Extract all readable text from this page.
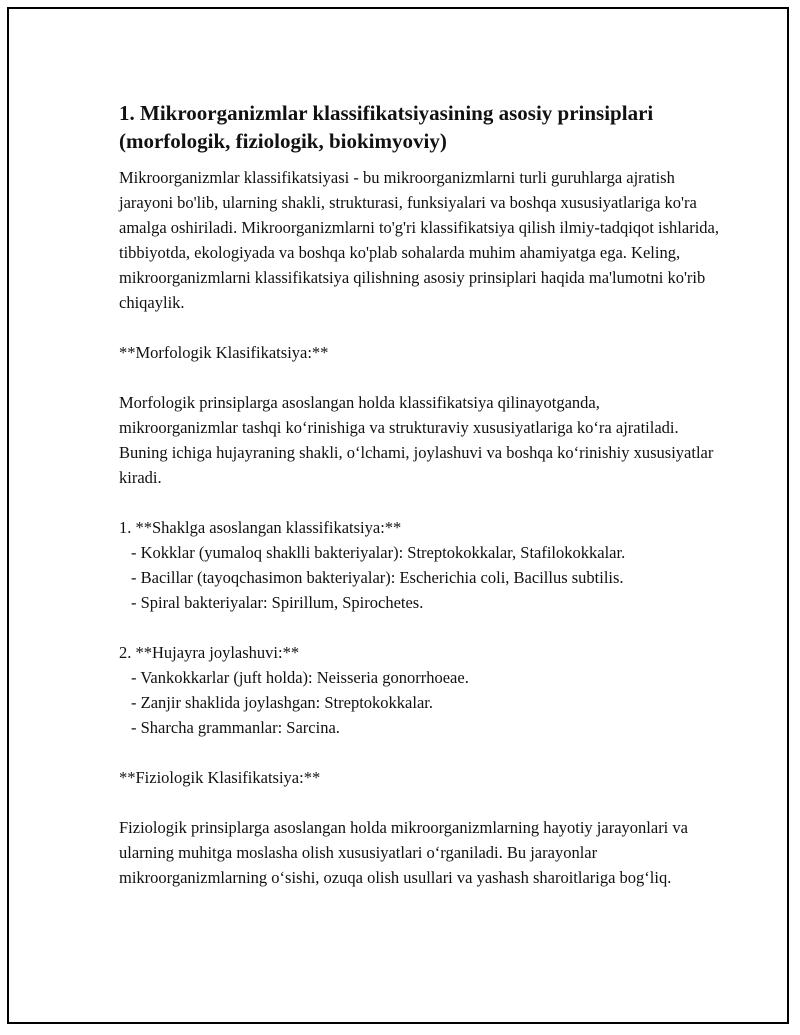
1. Mikroorganizmlar klassifikatsiyasining asosiy prinsiplari (morfologik, fiziologik, biokimyoviy)

Mikroorganizmlar klassifikatsiyasi - bu mikroorganizmlarni turli guruhlarga ajratish jarayoni bo'lib, ularning shakli, strukturasi, funksiyalari va boshqa xususiyatlariga ko'ra amalga oshiriladi. Mikroorganizmlarni to'g'ri klassifikatsiya qilish ilmiy-tadqiqot ishlarida, tibbiyotda, ekologiyada va boshqa ko'plab sohalarda muhim ahamiyatga ega. Keling, mikroorganizmlarni klassifikatsiya qilishning asosiy prinsiplari haqida ma'lumotni ko'rib chiqaylik.

**Morfologik Klasifikatsiya:**

Morfologik prinsiplarga asoslangan holda klassifikatsiya qilinayotganda, mikroorganizmlar tashqi ko‘rinishiga va strukturaviy xususiyatlariga ko‘ra ajratiladi. Buning ichiga hujayraning shakli, o‘lchami, joylashuvi va boshqa ko‘rinishiy xususiyatlar kiradi.

1. **Shaklga asoslangan klassifikatsiya:**
- Kokklar (yumaloq shaklli bakteriyalar): Streptokokkalar, Stafilokokkalar.
- Bacillar (tayoqchasimon bakteriyalar): Escherichia coli, Bacillus subtilis.
- Spiral bakteriyalar: Spirillum, Spirochetes.
2. **Hujayra joylashuvi:**
- Vankokkarlar (juft holda): Neisseria gonorrhoeae.
- Zanjir shaklida joylashgan: Streptokokkalar.
- Sharcha grammanlar: Sarcina.

**Fiziologik Klasifikatsiya:**

Fiziologik prinsiplarga asoslangan holda mikroorganizmlarning hayotiy jarayonlari va ularning muhitga moslasha olish xususiyatlari o‘rganiladi. Bu jarayonlar mikroorganizmlarning o‘sishi, ozuqa olish usullari va yashash sharoitlariga bog‘liq.
